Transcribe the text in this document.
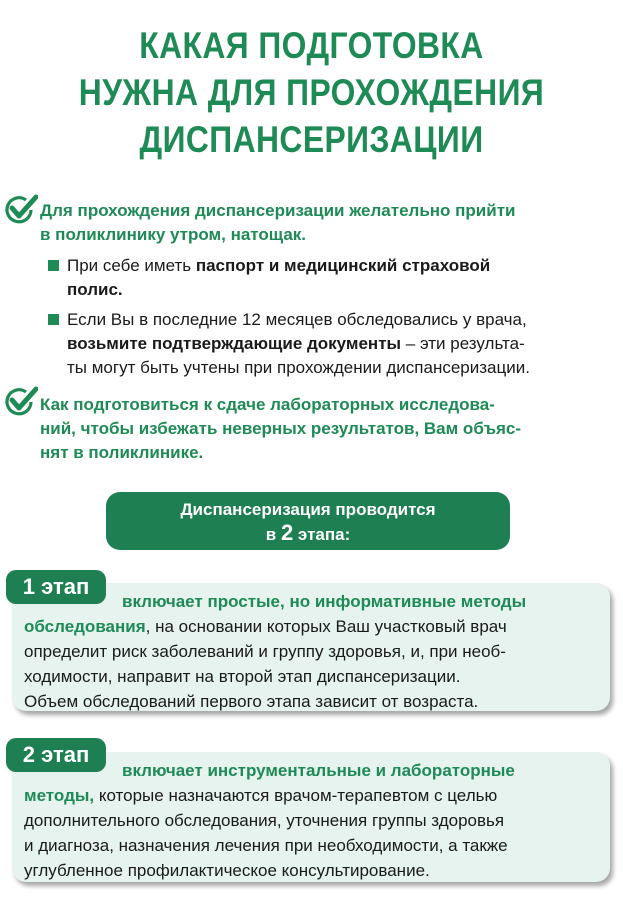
КАКАЯ ПОДГОТОВКА
НУЖНА ДЛЯ ПРОХОЖДЕНИЯ
ДИСПАНСЕРИЗАЦИИ
Для прохождения диспансеризации желательно прийти
в поликлинику утром, натощак.
При себе иметь паспорт и медицинский страховой
полис.
Если Вы в последние 12 месяцев обследовались у врача,
возьмите подтверждающие документы – эти результа-
ты могут быть учтены при прохождении диспансеризации.
Как подготовиться к сдаче лабораторных исследова-
ний, чтобы избежать неверных результатов, Вам объяс-
нят в поликлинике.
Диспансеризация проводится
в 2 этапа:
включает простые, но информативные методы
обследования, на основании которых Ваш участковый врач
определит риск заболеваний и группу здоровья, и, при необ-
ходимости, направит на второй этап диспансеризации.
Объем обследований первого этапа зависит от возраста.
1 этап
включает инструментальные и лабораторные
методы, которые назначаются врачом-терапевтом с целью
дополнительного обследования, уточнения группы здоровья
и диагноза, назначения лечения при необходимости, а также
углубленное профилактическое консультирование.
2 этап
